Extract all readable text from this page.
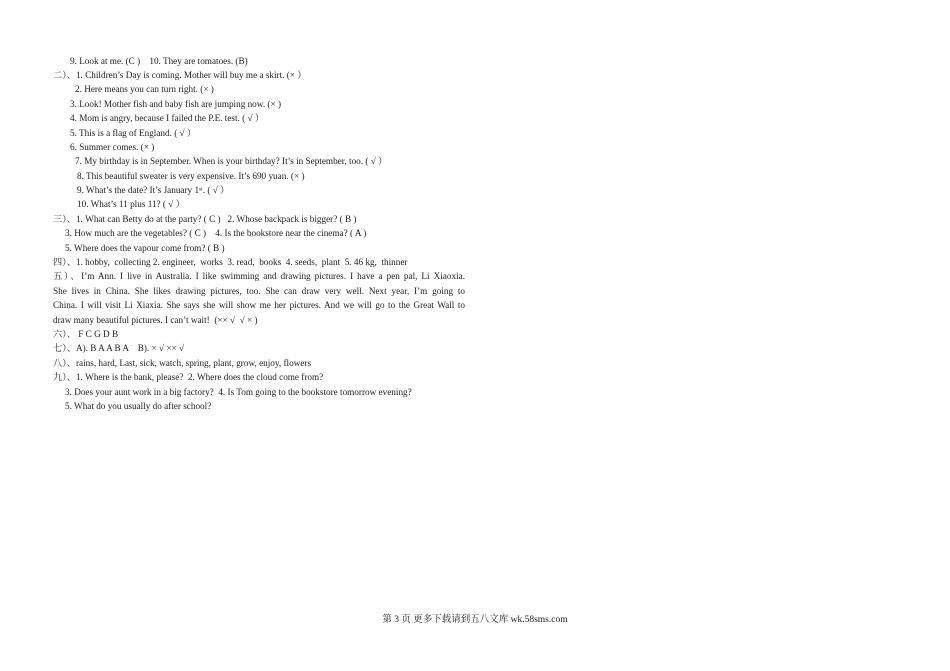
9. Look at me. (C )    10. They are tomatoes. (B)
二）、1. Children’s Day is coming. Mother will buy me a skirt. (× ）
2. Here means you can turn right. (× )
3. Look! Mother fish and baby fish are jumping now. (× )
4. Mom is angry, because I failed the P.E. test. ( √ ）
5. This is a flag of England. ( √ ）
6. Summer comes. (× )
7. My birthday is in September. When is your birthday? It’s in September, too. ( √ ）
8. This beautiful sweater is very expensive. It’s 690 yuan. (× )
9. What’s the date? It’s January 1ˢᵗ. ( √ ）
10. What’s 11 plus 11? ( √ ）
三）、1. What can Betty do at the party? ( C )   2. Whose backpack is bigger? ( B )
3. How much are the vegetables? ( C )    4. Is the bookstore near the cinema? ( A )
5. Where does the vapour come from? ( B )
四）、1. hobby,  collecting 2. engineer,  works  3. read,  books  4. seeds,  plant  5. 46 kg,  thinner
五）、I’m Ann. I live in Australia. I like swimming and drawing pictures. I have a pen pal, Li Xiaoxia.
She lives in China. She likes drawing pictures, too. She can draw very well. Next year, I’m going to
China. I will visit Li Xiaxia. She says she will show me her pictures. And we will go to the Great Wall to
draw many beautiful pictures. I can’t wait!  (×× √  √ × )
六）、 F C G D B
七）、A). B A A B A    B). × √ ×× √
八）、rains, hard, Last, sick, watch, spring, plant, grow, enjoy, flowers
九）、1. Where is the bank, please?  2. Where does the cloud come from?
3. Does your aunt work in a big factory?  4. Is Tom going to the bookstore tomorrow evening?
5. What do you usually do after school?
第 3 页 更多下载请到五八文库 wk.58sms.com
